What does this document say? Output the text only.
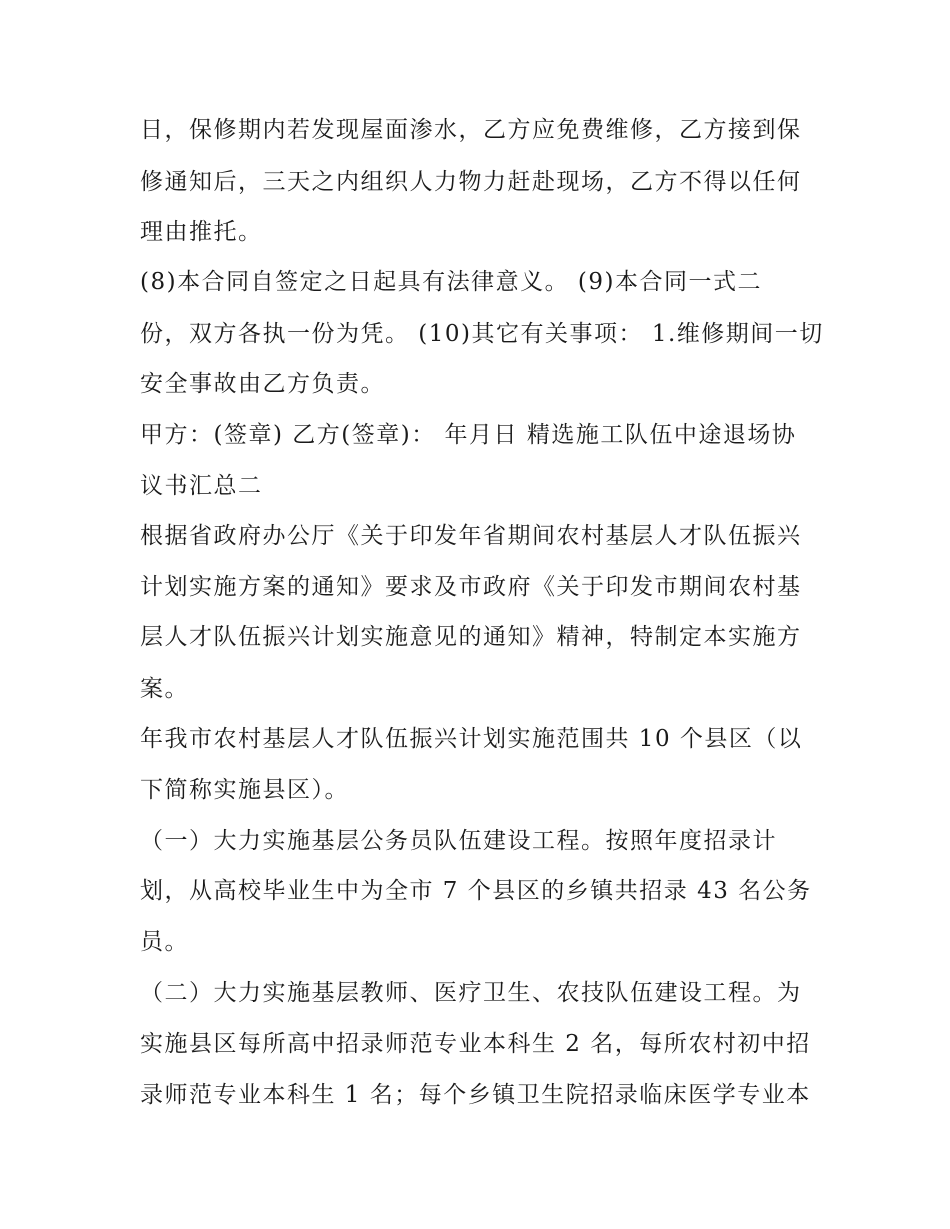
日，保修期内若发现屋面渗水，乙方应免费维修，乙方接到保
修通知后，三天之内组织人力物力赶赴现场，乙方不得以任何
理由推托。
(8)本合同自签定之日起具有法律意义。 (9)本合同一式二
份，双方各执一份为凭。 (10)其它有关事项： 1.维修期间一切
安全事故由乙方负责。
甲方：(签章) 乙方(签章)： 年月日 精选施工队伍中途退场协
议书汇总二
根据省政府办公厅《关于印发年省期间农村基层人才队伍振兴
计划实施方案的通知》要求及市政府《关于印发市期间农村基
层人才队伍振兴计划实施意见的通知》精神，特制定本实施方
案。
年我市农村基层人才队伍振兴计划实施范围共 10 个县区（以
下简称实施县区）。
（一）大力实施基层公务员队伍建设工程。按照年度招录计
划，从高校毕业生中为全市 7 个县区的乡镇共招录 43 名公务
员。
（二）大力实施基层教师、医疗卫生、农技队伍建设工程。为
实施县区每所高中招录师范专业本科生 2 名，每所农村初中招
录师范专业本科生 1 名；每个乡镇卫生院招录临床医学专业本
